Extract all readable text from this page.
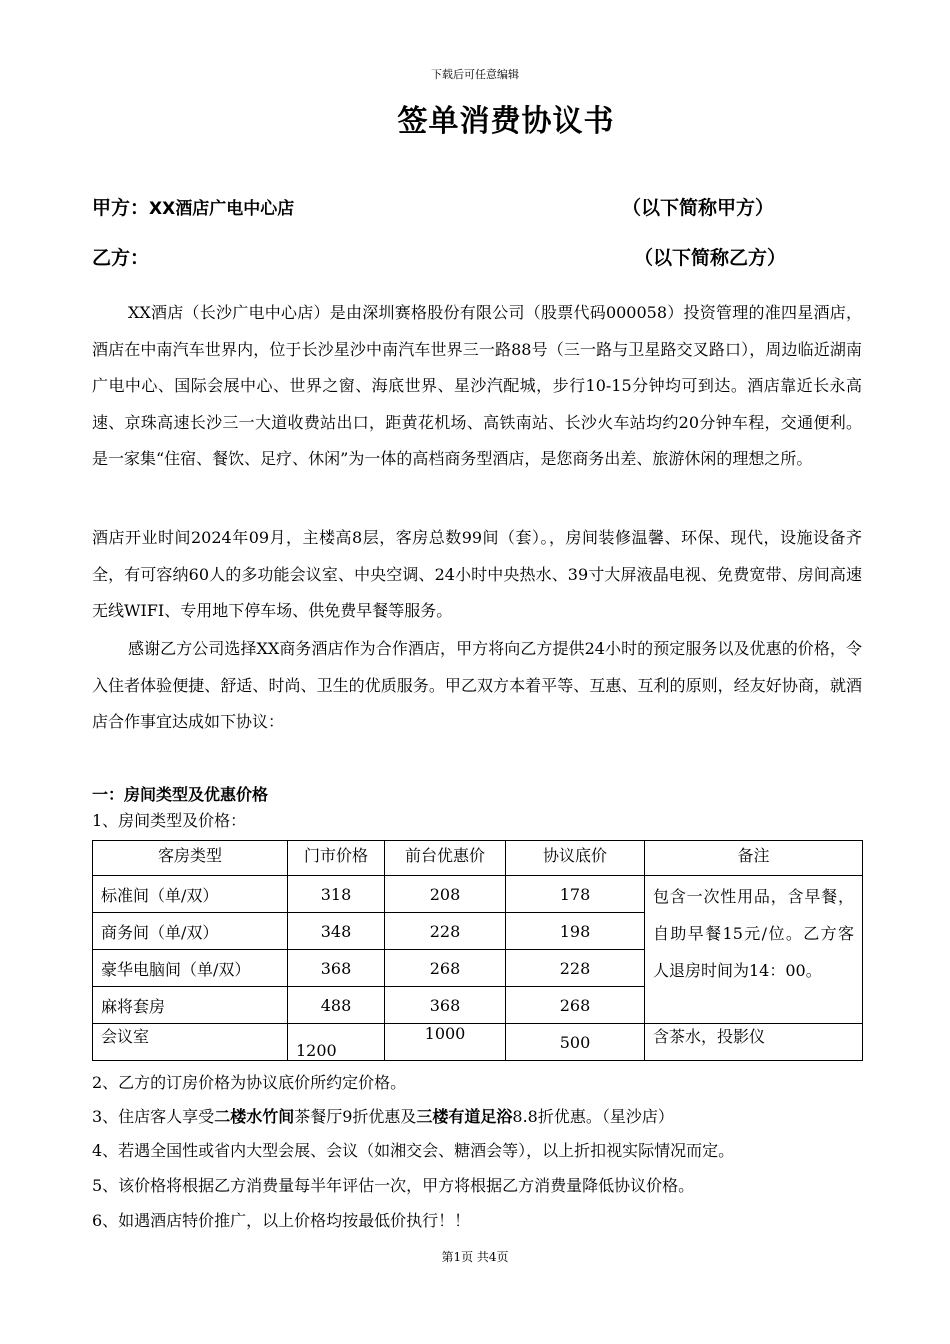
下载后可任意编辑
签单消费协议书
甲方：XX酒店广电中心店	（以下简称甲方）
乙方：	（以下简称乙方）
XX酒店（长沙广电中心店）是由深圳赛格股份有限公司（股票代码000058）投资管理的准四星酒店，酒店在中南汽车世界内，位于长沙星沙中南汽车世界三一路88号（三一路与卫星路交叉路口），周边临近湖南广电中心、国际会展中心、世界之窗、海底世界、星沙汽配城，步行10-15分钟均可到达。酒店靠近长永高速、京珠高速长沙三一大道收费站出口，距黄花机场、高铁南站、长沙火车站均约20分钟车程，交通便利。是一家集“住宿、餐饮、足疗、休闲”为一体的高档商务型酒店，是您商务出差、旅游休闲的理想之所。
酒店开业时间2024年09月，主楼高8层，客房总数99间（套）。，房间装修温馨、环保、现代，设施设备齐全，有可容纳60人的多功能会议室、中央空调、24小时中央热水、39寸大屏液晶电视、免费宽带、房间高速无线WIFI、专用地下停车场、供免费早餐等服务。
感谢乙方公司选择XX商务酒店作为合作酒店，甲方将向乙方提供24小时的预定服务以及优惠的价格，令入住者体验便捷、舒适、时尚、卫生的优质服务。甲乙双方本着平等、互惠、互利的原则，经友好协商，就酒店合作事宜达成如下协议：
一：房间类型及优惠价格
1、房间类型及价格：
客房类型	门市价格	前台优惠价	协议底价	备注
标准间（单/双）	318	208	178	包含一次性用品，含早餐，自助早餐15元/位。乙方客人退房时间为14：00。
商务间（单/双）	348	228	198	
豪华电脑间（单/双）	368	268	228	
麻将套房	488	368	268	
会议室	1200	1000	500	含茶水，投影仪
2、乙方的订房价格为协议底价所约定价格。
3、住店客人享受二楼水竹间茶餐厅9折优惠及三楼有道足浴8.8折优惠。（星沙店）
4、若遇全国性或省内大型会展、会议（如湘交会、糖酒会等），以上折扣视实际情况而定。
5、该价格将根据乙方消费量每半年评估一次，甲方将根据乙方消费量降低协议价格。
6、如遇酒店特价推广，以上价格均按最低价执行！！
第1页 共4页
